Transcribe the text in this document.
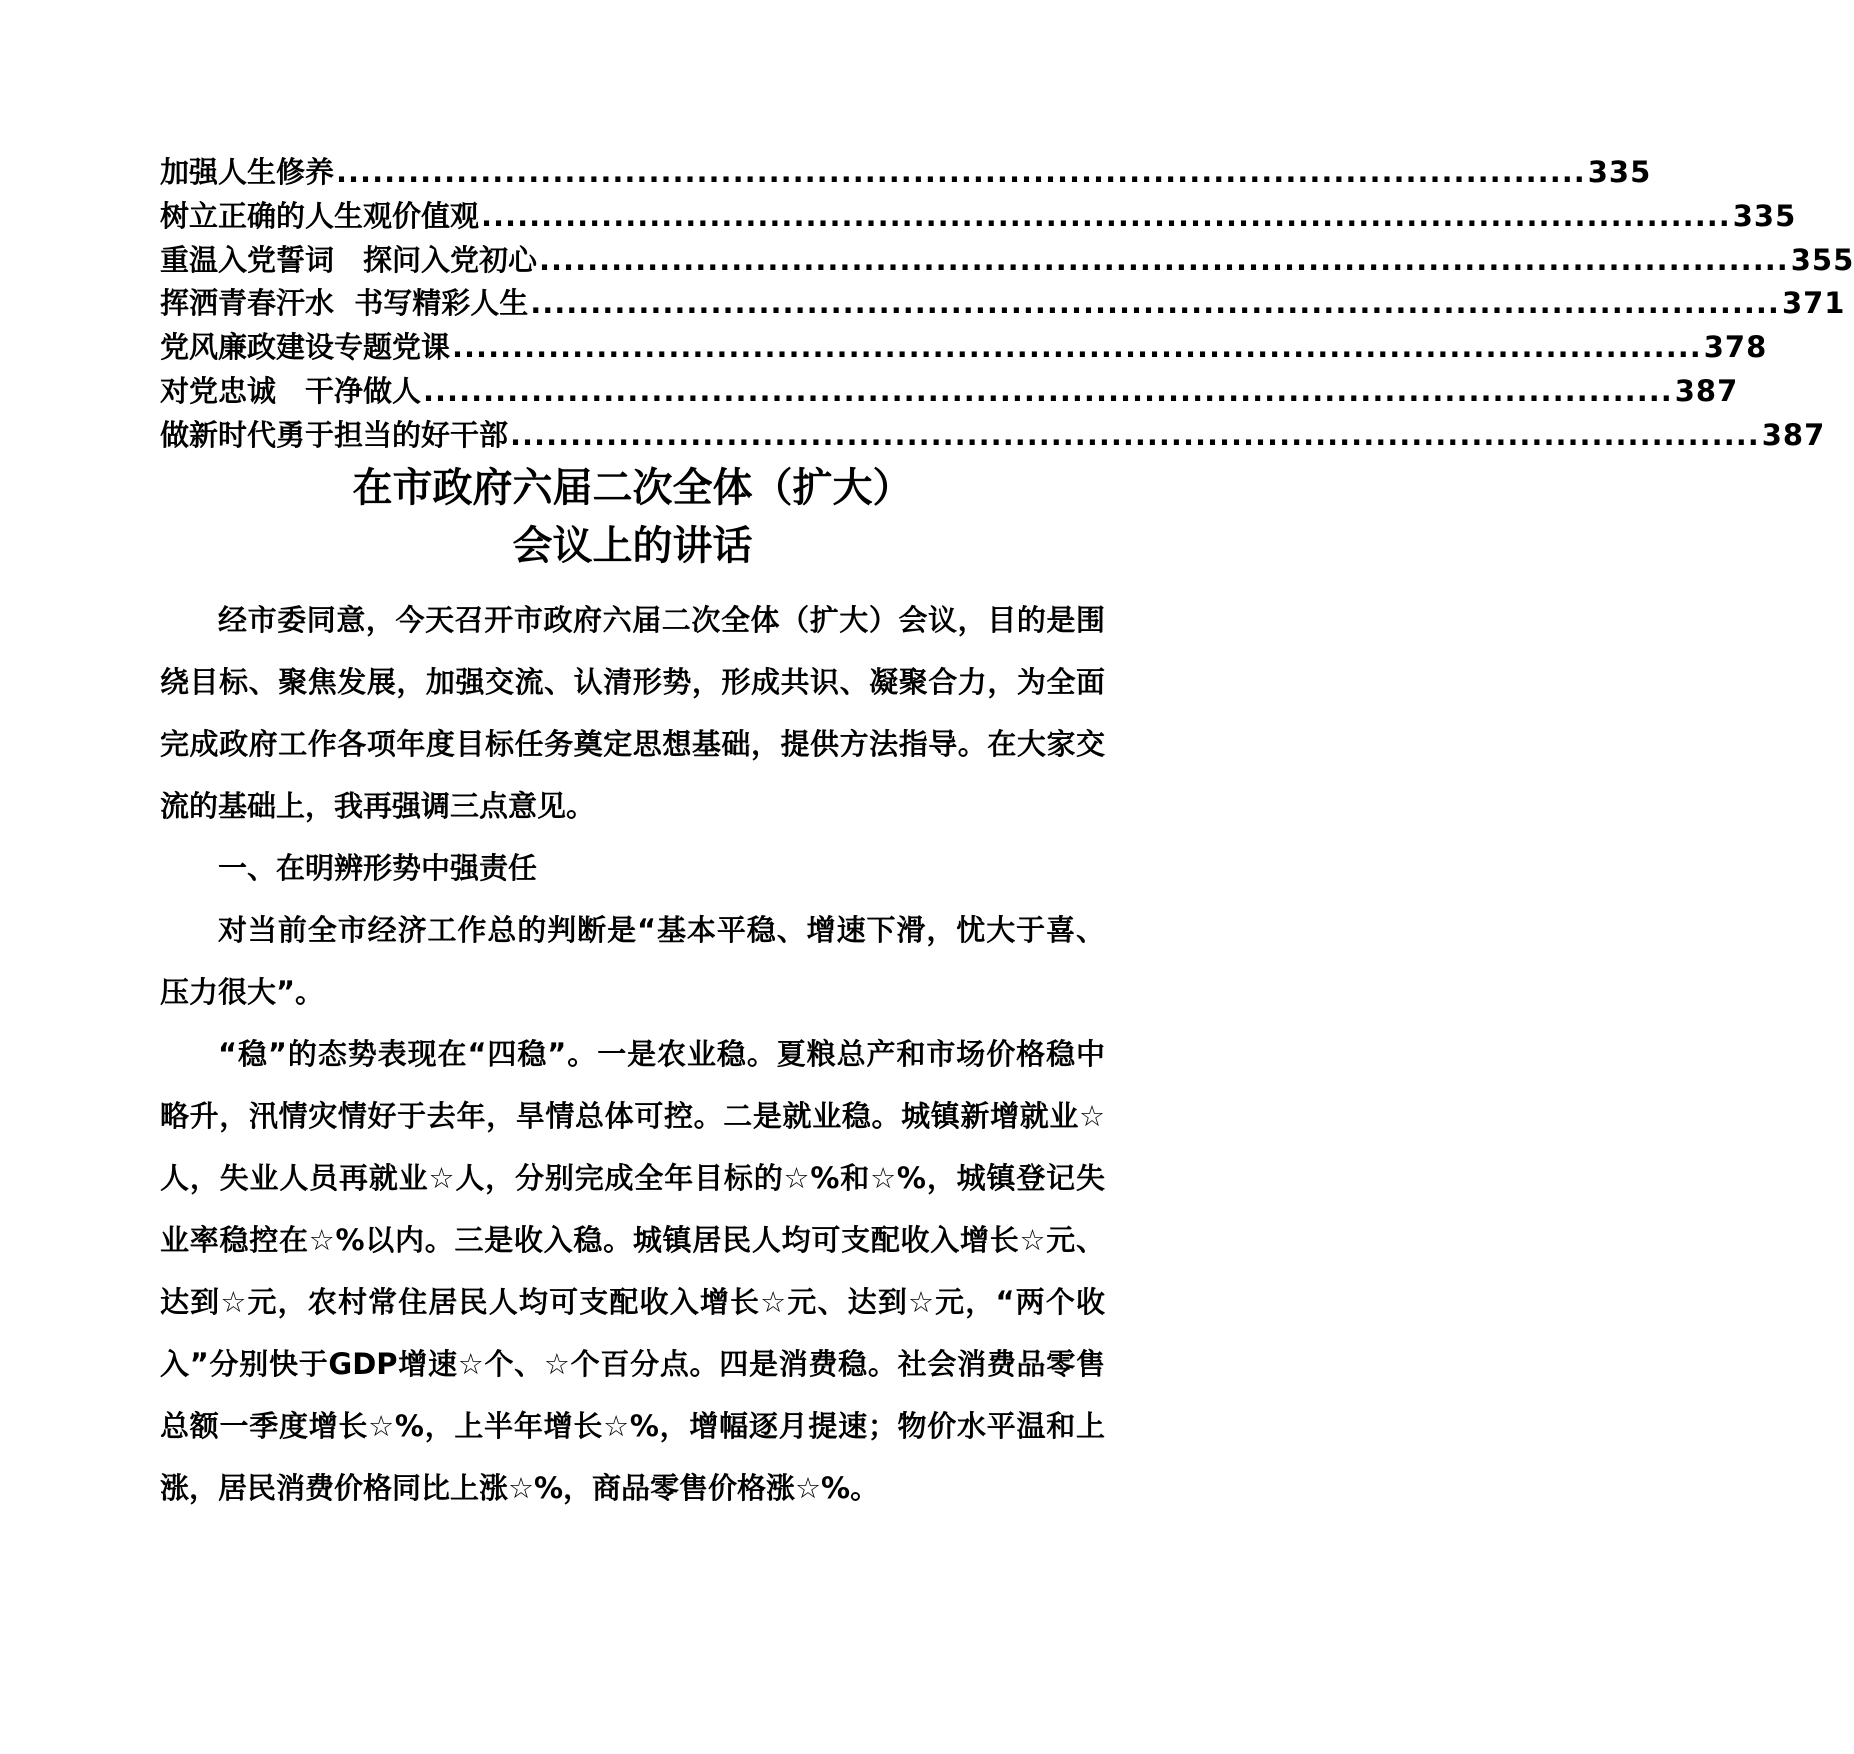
加强人生修养 ........................................................................................................ 335
树立正确的人生观价值观 ........................................................................................................ 335
重温入党誓词　探问入党初心 ........................................................................................................ 355
挥洒青春汗水  书写精彩人生 ........................................................................................................ 371
党风廉政建设专题党课 ........................................................................................................ 378
对党忠诚　干净做人 ........................................................................................................ 387
做新时代勇于担当的好干部 ........................................................................................................ 387
在市政府六届二次全体（扩大）
会议上的讲话

经市委同意，今天召开市政府六届二次全体（扩大）会议，目的是围绕目标、聚焦发展，加强交流、认清形势，形成共识、凝聚合力，为全面完成政府工作各项年度目标任务奠定思想基础，提供方法指导。在大家交流的基础上，我再强调三点意见。

一、在明辨形势中强责任

对当前全市经济工作总的判断是“基本平稳、增速下滑，忧大于喜、压力很大”。

“稳”的态势表现在“四稳”。一是农业稳。夏粮总产和市场价格稳中略升，汛情灾情好于去年，旱情总体可控。二是就业稳。城镇新增就业☆人，失业人员再就业☆人，分别完成全年目标的☆%和☆%，城镇登记失业率稳控在☆%以内。三是收入稳。城镇居民人均可支配收入增长☆元、达到☆元，农村常住居民人均可支配收入增长☆元、达到☆元，“两个收入”分别快于GDP增速☆个、☆个百分点。四是消费稳。社会消费品零售总额一季度增长☆%，上半年增长☆%，增幅逐月提速；物价水平温和上涨，居民消费价格同比上涨☆%，商品零售价格涨☆%。
